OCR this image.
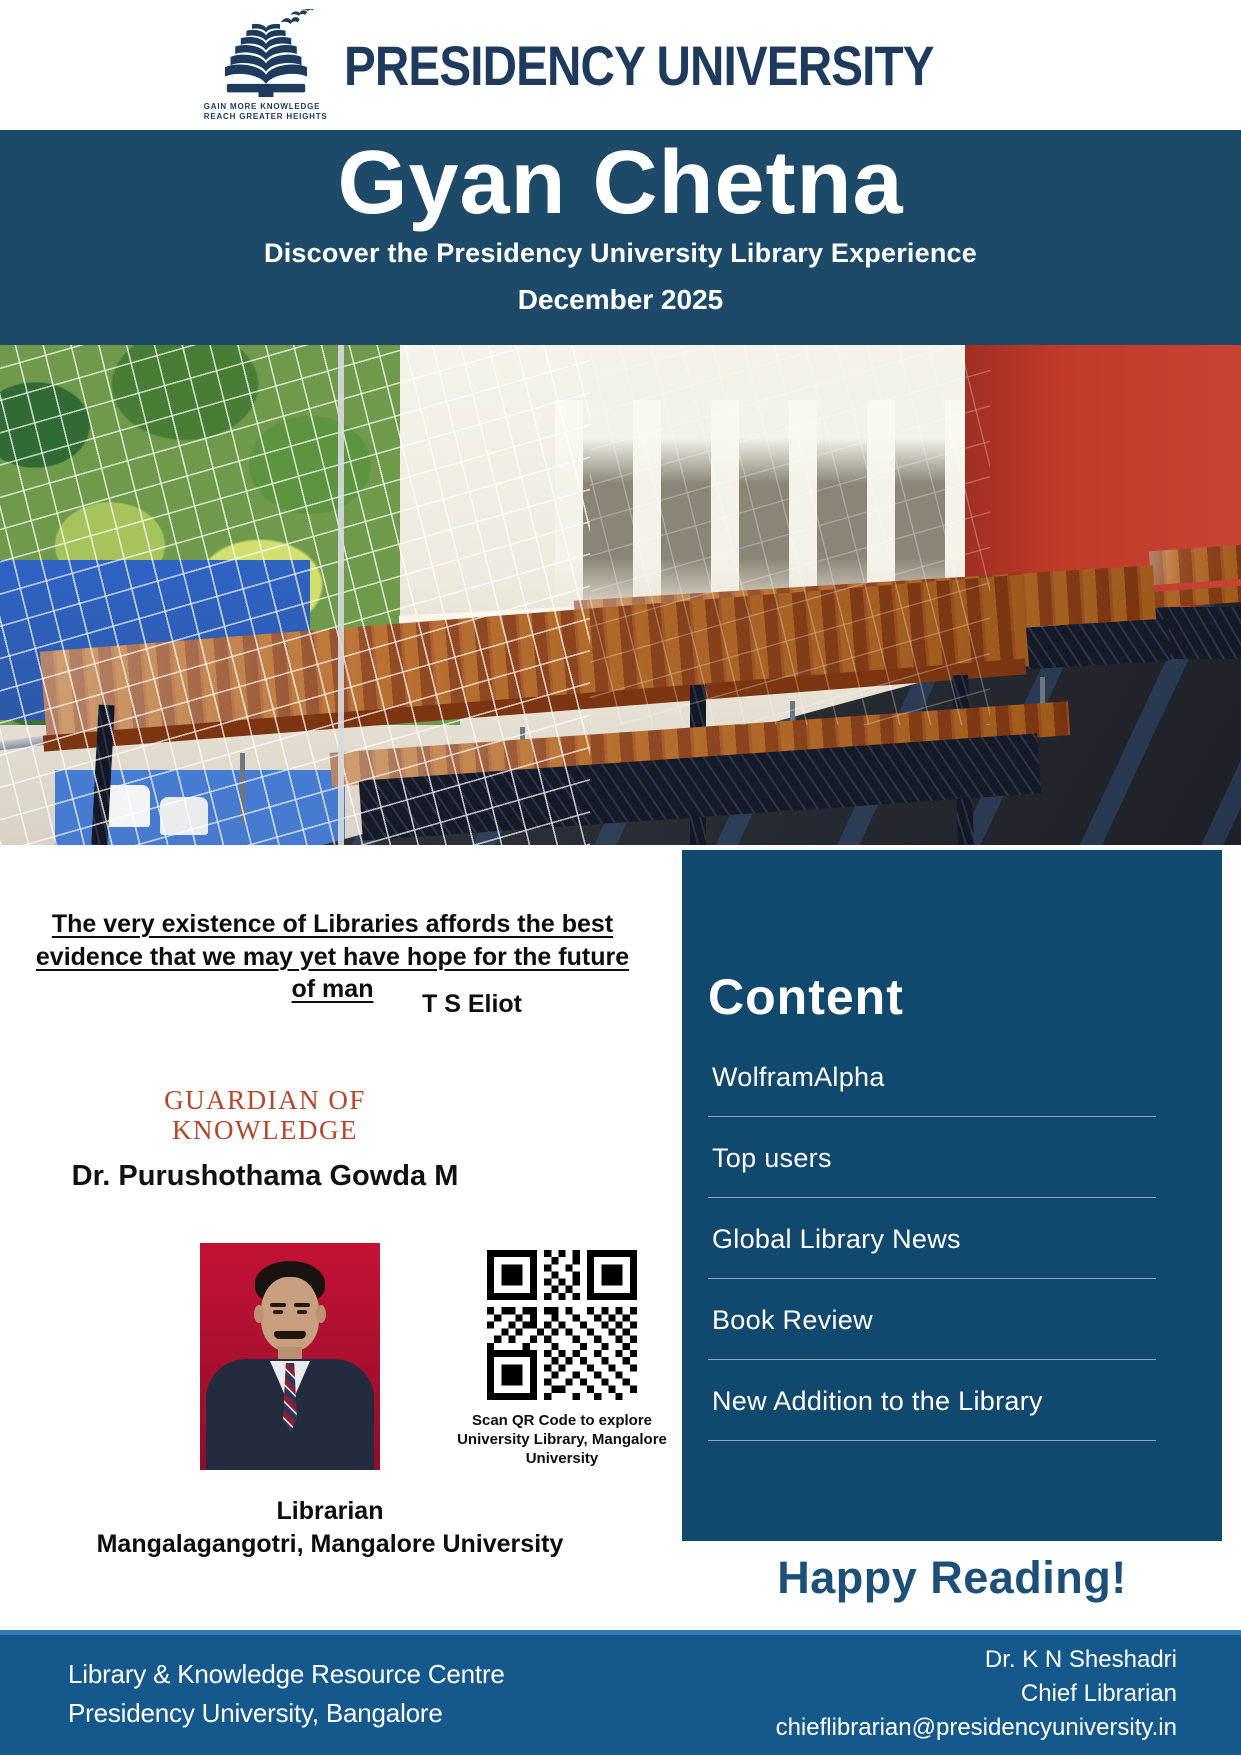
GAIN MORE KNOWLEDGE
REACH GREATER HEIGHTS
PRESIDENCY UNIVERSITY
Gyan Chetna
Discover the Presidency University Library Experience
December 2025
The very existence of Libraries affords the best evidence that we may yet have hope for the future of man
T S Eliot
GUARDIAN OF
KNOWLEDGE
Dr. Purushothama Gowda M
Scan QR Code to explore University Library, Mangalore University
Librarian
Mangalagangotri, Mangalore University
Content
WolframAlpha
Top users
Global Library News
Book Review
New Addition to the Library
Happy Reading!
Library & Knowledge Resource Centre
Presidency University, Bangalore
Dr. K N Sheshadri
Chief Librarian
chieflibrarian@presidencyuniversity.in
